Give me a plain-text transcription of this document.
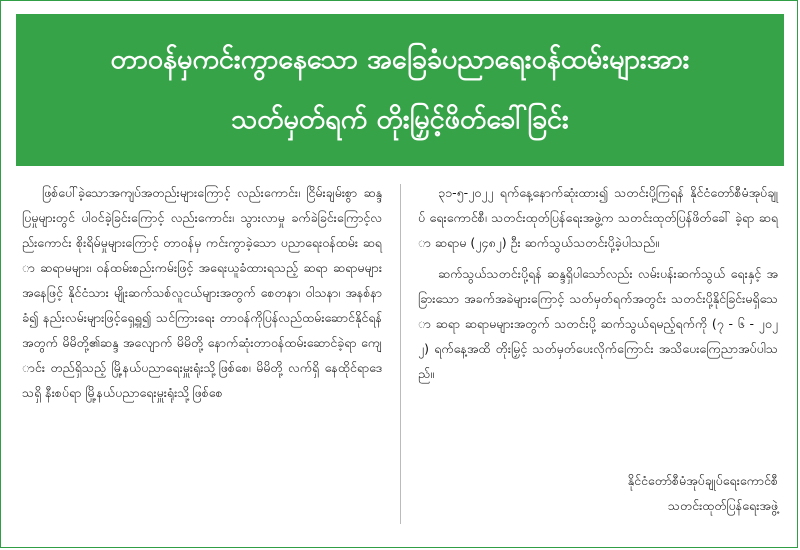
တာဝန်မှကင်းကွာနေသော အခြေခံပညာရေးဝန်ထမ်းများအား
သတ်မှတ်ရက် တိုးမြှင့်ဖိတ်ခေါ်ခြင်း

ဖြစ်ပေါ်ခဲ့သောအကျပ်အတည်းများကြောင့် လည်းကောင်း၊ ငြိမ်းချမ်းစွာ ဆန္ဒပြမှုများတွင် ပါဝင်ခဲ့ခြင်းကြောင့် လည်းကောင်း၊ သွားလာမှု ခက်ခဲခြင်းကြောင့်လည်းကောင်း စိုးရိမ်မှုများကြောင့် တာဝန်မှ ကင်းကွာခဲ့သော ပညာရေးဝန်ထမ်း ဆရာ ဆရာမများ၊ ဝန်ထမ်းစည်းကမ်းဖြင့် အရေးယူခံထားရသည့် ဆရာ ဆရာမများ အနေဖြင့် နိုင်ငံသား မျိုးဆက်သစ်လူငယ်များအတွက် စေတနာ၊ ဝါသနာ၊ အနစ်နာခံ၍ နည်းလမ်းများဖြင့်ရှေ့ရှု၍ သင်ကြားရေး တာဝန်ကိုပြန်လည်ထမ်းဆောင်နိုင်ရန်အတွက် မိမိတို့၏ဆန္ဒ အလျောက် မိမိတို့ နောက်ဆုံးတာဝန်ထမ်းဆောင်ခဲ့ရာ ကျောင်း တည်ရှိသည့် မြို့နယ်ပညာရေးမှူးရုံးသို့ဖြစ်စေ၊ မိမိတို့ လက်ရှိ နေထိုင်ရာဒေသရှိ နီးစပ်ရာ မြို့နယ်ပညာရေးမှူးရုံးသို့ဖြစ်စေ

၃၁-၅-၂၀၂၂ ရက်နေ့နောက်ဆုံးထား၍ သတင်းပို့ကြရန် နိုင်ငံတော်စီမံအုပ်ချုပ် ရေးကောင်စီ၊ သတင်းထုတ်ပြန်ရေးအဖွဲ့က သတင်းထုတ်ပြန်ဖိတ်ခေါ် ခဲ့ရာ ဆရာ ဆရာမ (၂၄၈၂) ဦး ဆက်သွယ်သတင်းပို့ခဲ့ပါသည်။

ဆက်သွယ်သတင်းပို့ရန် ဆန္ဒရှိပါသော်လည်း လမ်းပန်းဆက်သွယ် ရေးနှင့် အခြားသော အခက်အခဲများကြောင့် သတ်မှတ်ရက်အတွင်း သတင်းပို့နိုင်ခြင်းမရှိသော ဆရာ ဆရာမများအတွက် သတင်းပို့ ဆက်သွယ်ရမည့်ရက်ကို (၇ - ၆ - ၂၀၂၂) ရက်နေ့အထိ တိုးမြှင့် သတ်မှတ်ပေးလိုက်ကြောင်း အသိပေးကြေညာအပ်ပါသည်။

နိုင်ငံတော်စီမံအုပ်ချုပ်ရေးကောင်စီ
သတင်းထုတ်ပြန်ရေးအဖွဲ့
